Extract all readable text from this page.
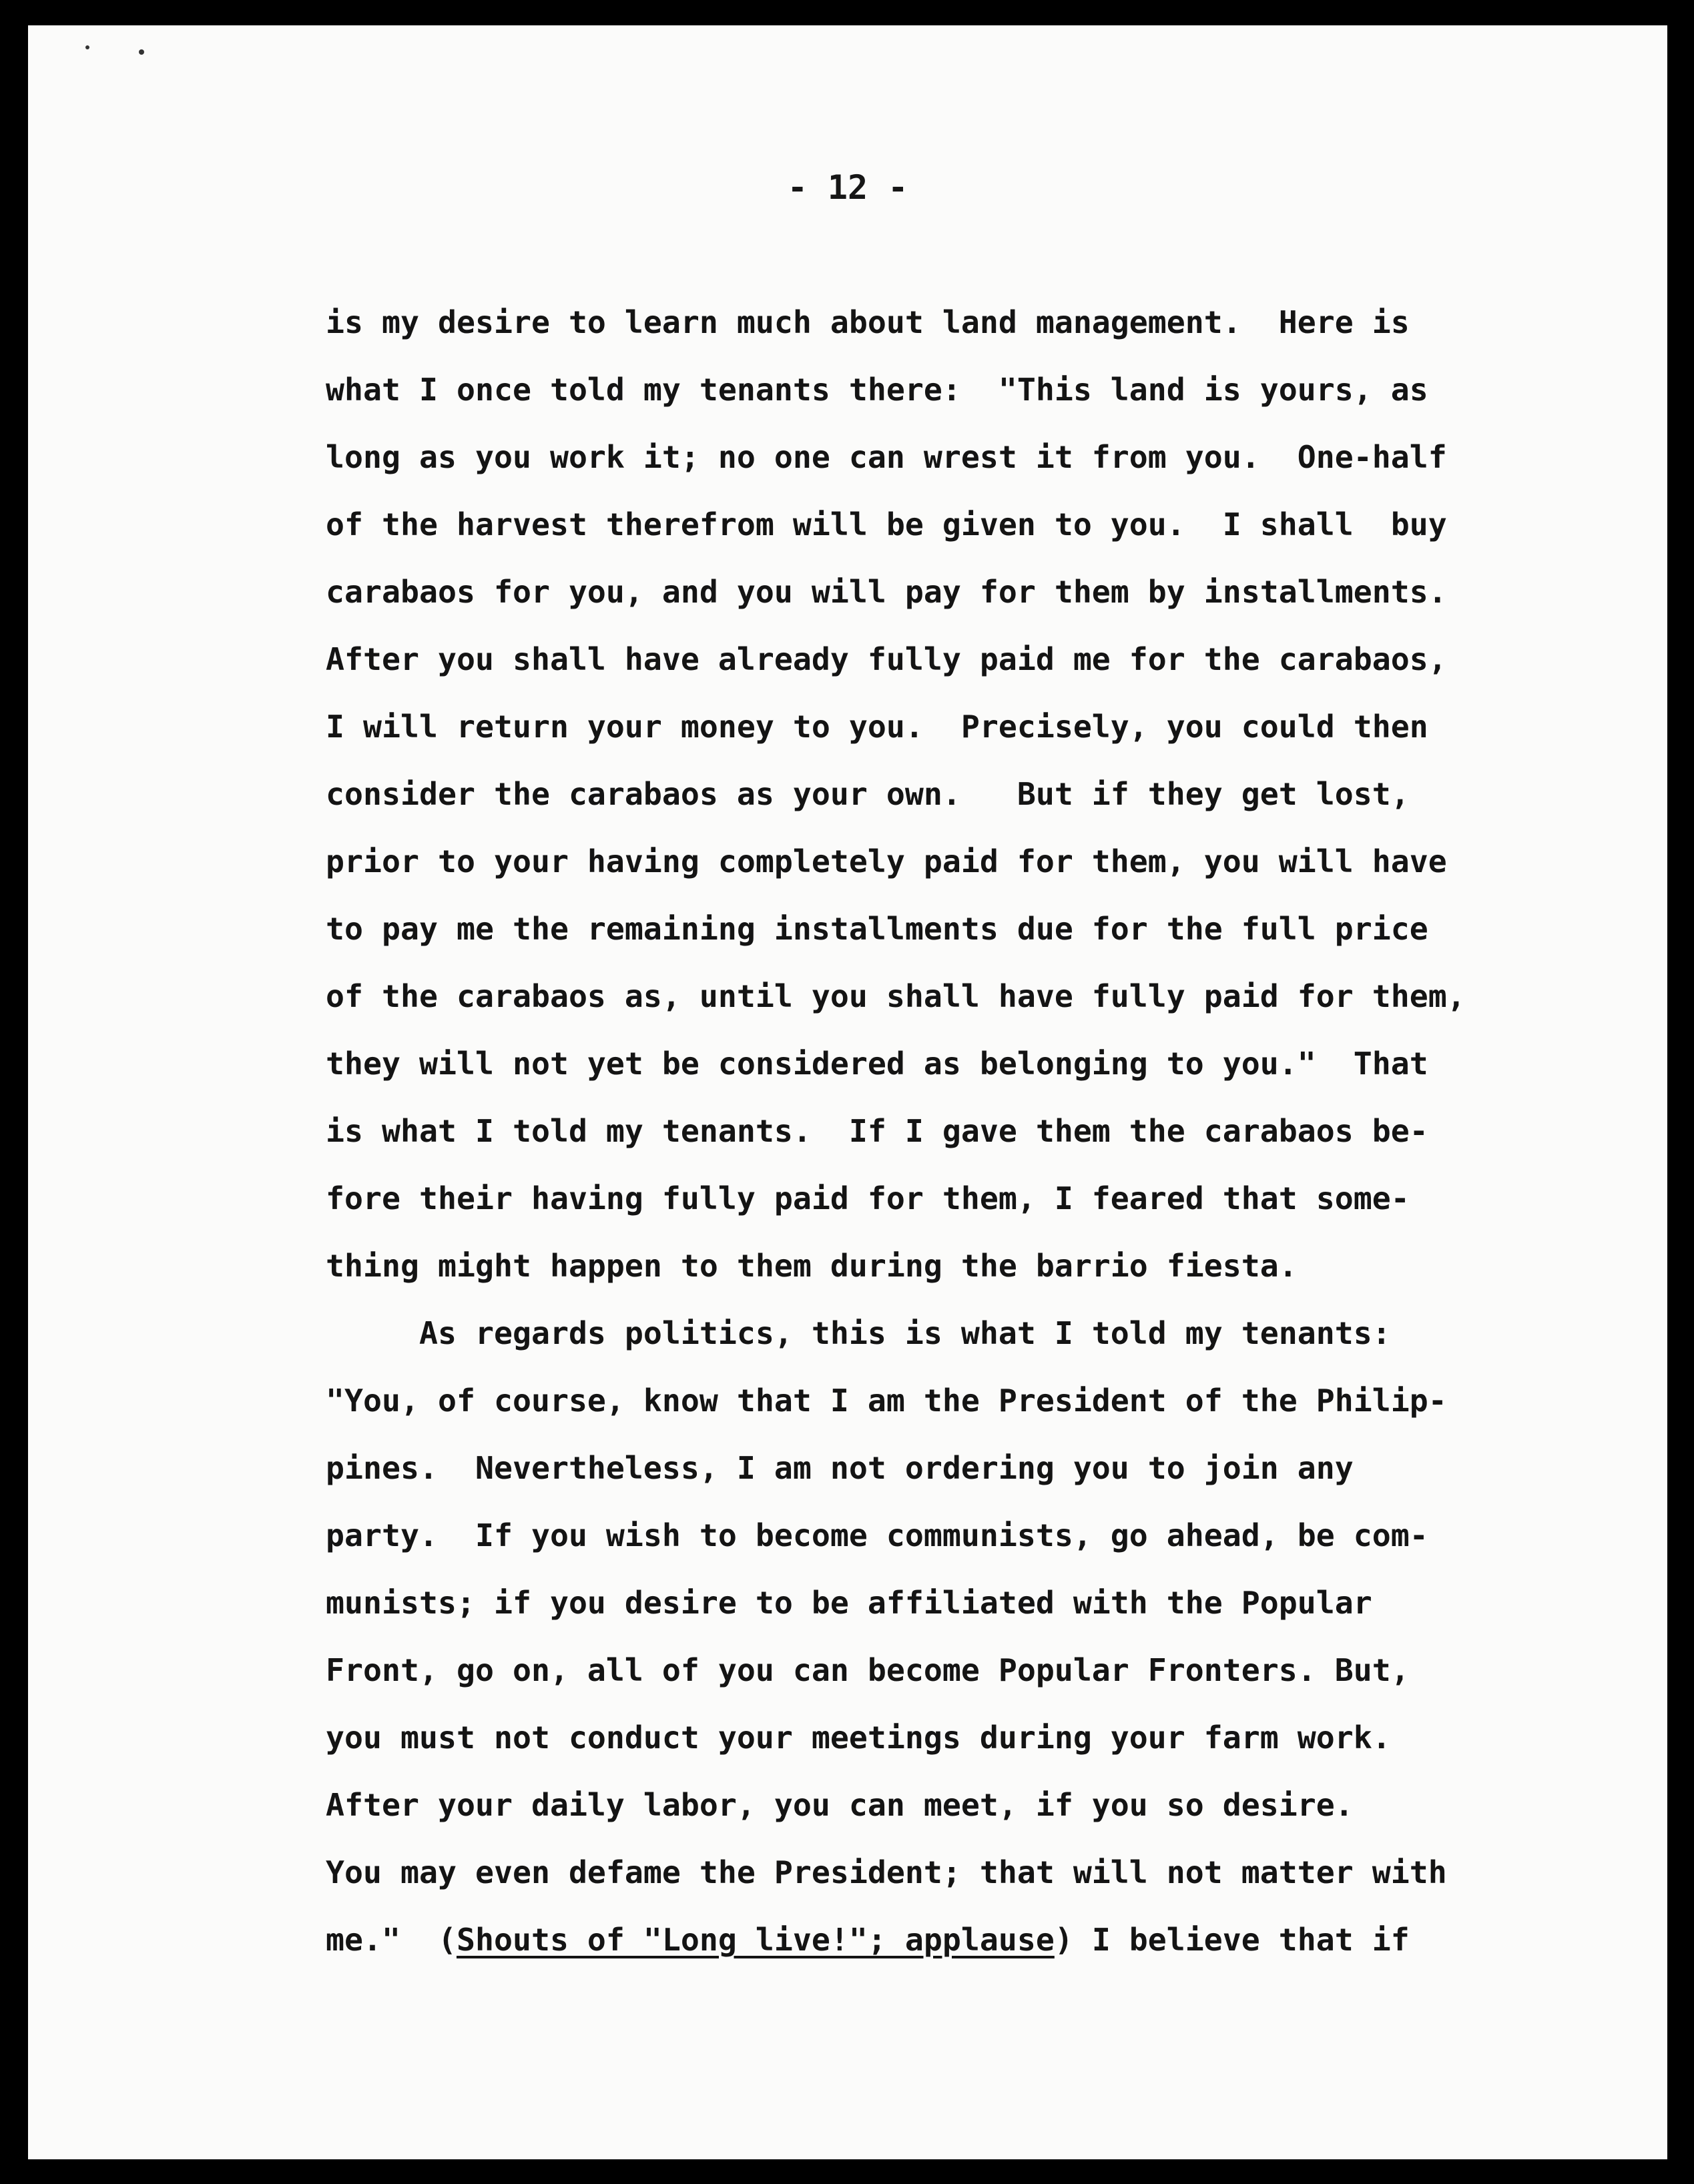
- 12 -
is my desire to learn much about land management.  Here is
what I once told my tenants there:  "This land is yours, as
long as you work it; no one can wrest it from you.  One-half
of the harvest therefrom will be given to you.  I shall  buy
carabaos for you, and you will pay for them by installments.
After you shall have already fully paid me for the carabaos,
I will return your money to you.  Precisely, you could then
consider the carabaos as your own.   But if they get lost,
prior to your having completely paid for them, you will have
to pay me the remaining installments due for the full price
of the carabaos as, until you shall have fully paid for them,
they will not yet be considered as belonging to you."  That
is what I told my tenants.  If I gave them the carabaos be-
fore their having fully paid for them, I feared that some-
thing might happen to them during the barrio fiesta.
As regards politics, this is what I told my tenants:
"You, of course, know that I am the President of the Philip-
pines.  Nevertheless, I am not ordering you to join any
party.  If you wish to become communists, go ahead, be com-
munists; if you desire to be affiliated with the Popular
Front, go on, all of you can become Popular Fronters. But,
you must not conduct your meetings during your farm work.
After your daily labor, you can meet, if you so desire.
You may even defame the President; that will not matter with
me."  (Shouts of "Long live!"; applause) I believe that if
